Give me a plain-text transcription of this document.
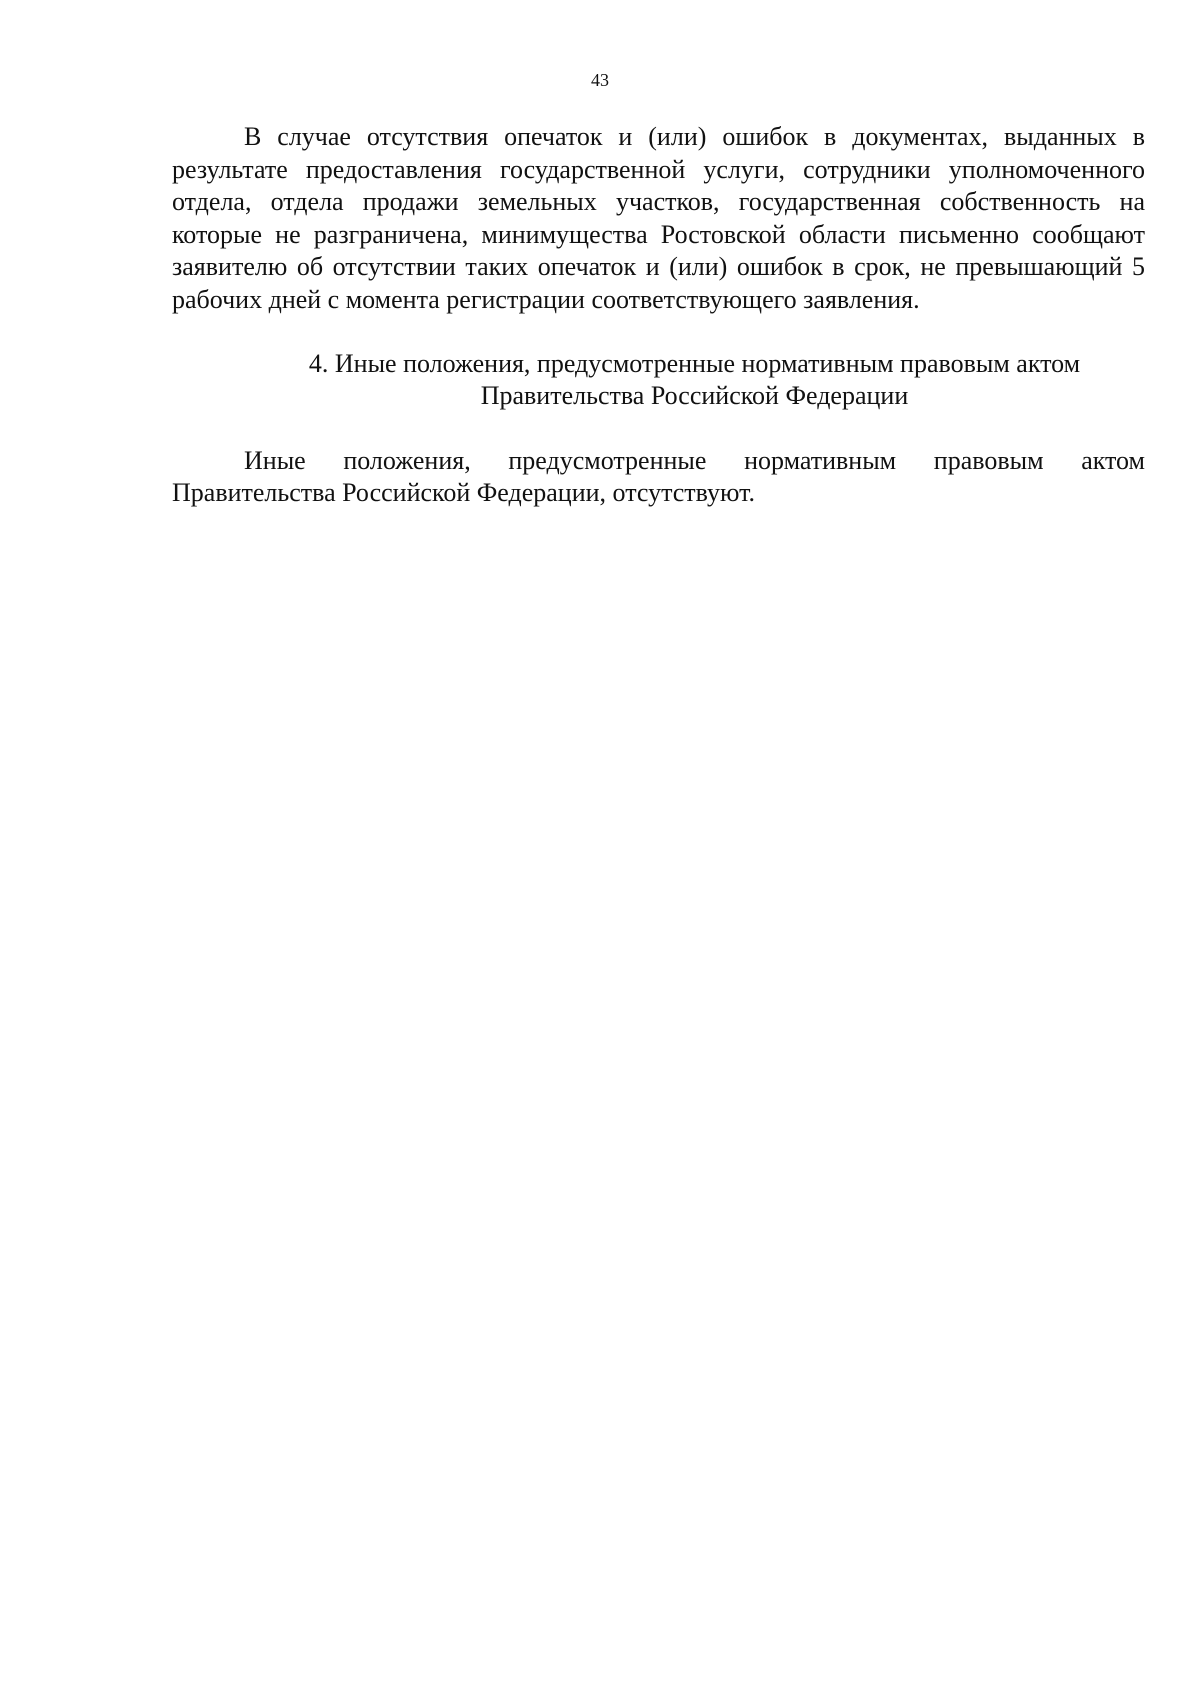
43

В случае отсутствия опечаток и (или) ошибок в документах, выданных в результате предоставления государственной услуги, сотрудники уполномоченного отдела, отдела продажи земельных участков, государственная собственность на которые не разграничена, минимущества Ростовской области письменно сообщают заявителю об отсутствии таких опечаток и (или) ошибок в срок, не превышающий 5 рабочих дней с момента регистрации соответствующего заявления.

4. Иные положения, предусмотренные нормативным правовым актом
Правительства Российской Федерации

Иные положения, предусмотренные нормативным правовым актом Правительства Российской Федерации, отсутствуют.
